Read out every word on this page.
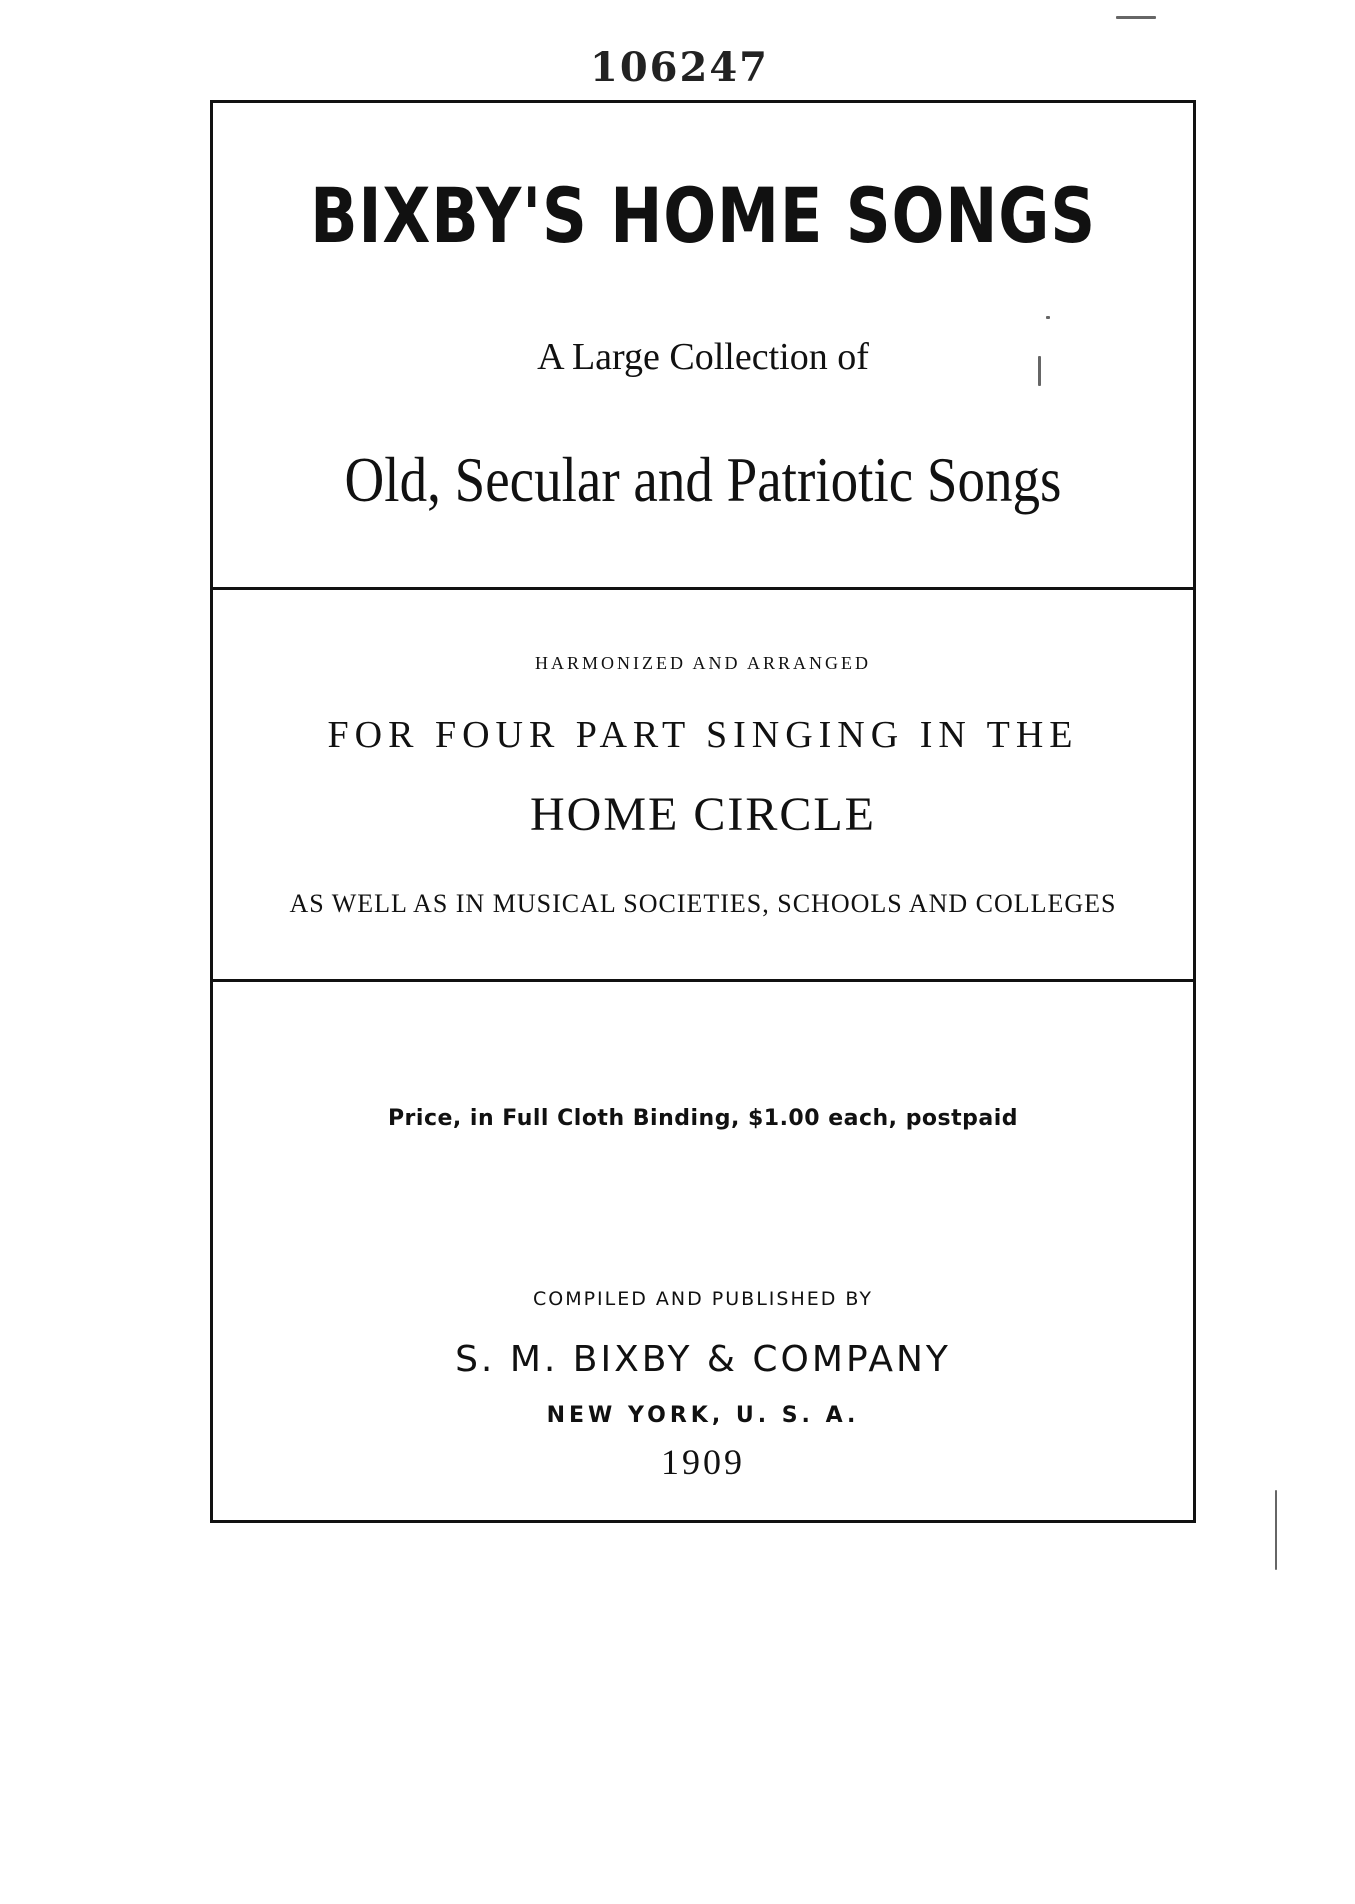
106247
BIXBY'S HOME SONGS
A Large Collection of
Old, Secular and Patriotic Songs
HARMONIZED AND ARRANGED
FOR FOUR PART SINGING IN THE
HOME CIRCLE
AS WELL AS IN MUSICAL SOCIETIES, SCHOOLS AND COLLEGES
Price, in Full Cloth Binding, $1.00 each, postpaid
COMPILED AND PUBLISHED BY
S. M. BIXBY & COMPANY
NEW YORK, U. S. A.
1909
